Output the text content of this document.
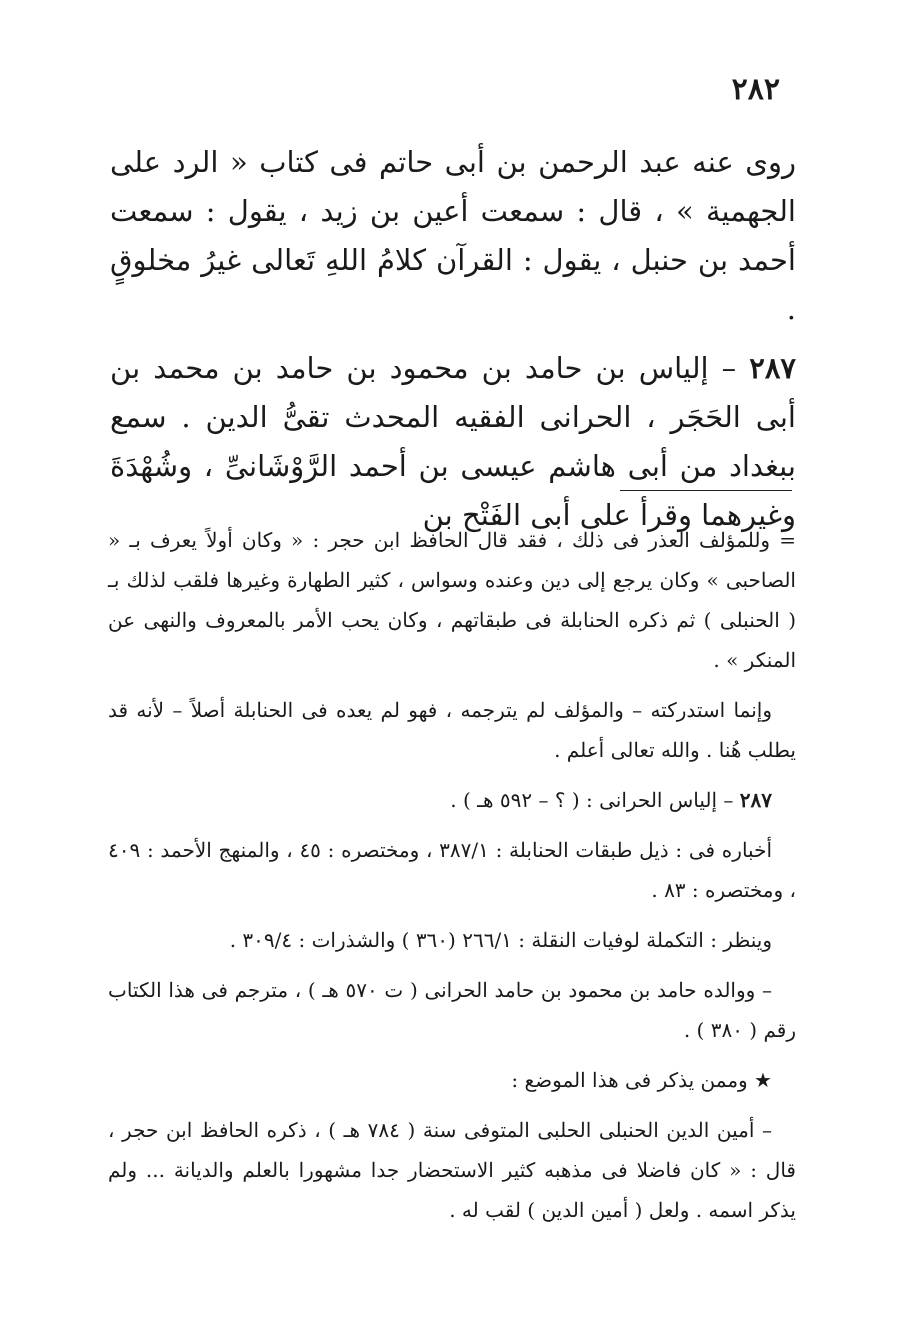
٢٨٢

روى عنه عبد الرحمن بن أبى حاتم فى كتاب « الرد على الجهمية » ، قال : سمعت أعين بن زيد ، يقول : سمعت أحمد بن حنبل ، يقول : القرآن كلامُ اللهِ تَعالى غيرُ مخلوقٍ .

٢٨٧ – إلياس بن حامد بن محمود بن حامد بن محمد بن أبى الحَجَر ، الحرانى الفقيه المحدث تقىُّ الدين . سمع ببغداد من أبى هاشم عيسى بن أحمد الرَّوْشَانىِّ ، وشُهْدَةَ وغيرهما وقرأ على أبى الفَتْح بن

= وللمؤلف العذر فى ذلك ، فقد قال الحافظ ابن حجر : « وكان أولاً يعرف بـ « الصاحبى » وكان يرجع إلى دين وعنده وسواس ، كثير الطهارة وغيرها فلقب لذلك بـ ( الحنبلى ) ثم ذكره الحنابلة فى طبقاتهم ، وكان يحب الأمر بالمعروف والنهى عن المنكر » .

وإنما استدركته – والمؤلف لم يترجمه ، فهو لم يعده فى الحنابلة أصلاً – لأنه قد يطلب هُنا . والله تعالى أعلم .

٢٨٧ – إلياس الحرانى : ( ؟ – ٥٩٢ هـ ) .

أخباره فى : ذيل طبقات الحنابلة : ٣٨٧/١ ، ومختصره : ٤٥ ، والمنهج الأحمد : ٤٠٩ ، ومختصره : ٨٣ .

وينظر : التكملة لوفيات النقلة : ٢٦٦/١ (٣٦٠ ) والشذرات : ٣٠٩/٤ .

– ووالده حامد بن محمود بن حامد الحرانى ( ت ٥٧٠ هـ ) ، مترجم فى هذا الكتاب رقم ( ٣٨٠ ) .

★ وممن يذكر فى هذا الموضع :

– أمين الدين الحنبلى الحلبى المتوفى سنة ( ٧٨٤ هـ ) ، ذكره الحافظ ابن حجر ، قال : « كان فاضلا فى مذهبه كثير الاستحضار جدا مشهورا بالعلم والديانة ... ولم يذكر اسمه . ولعل ( أمين الدين ) لقب له .
